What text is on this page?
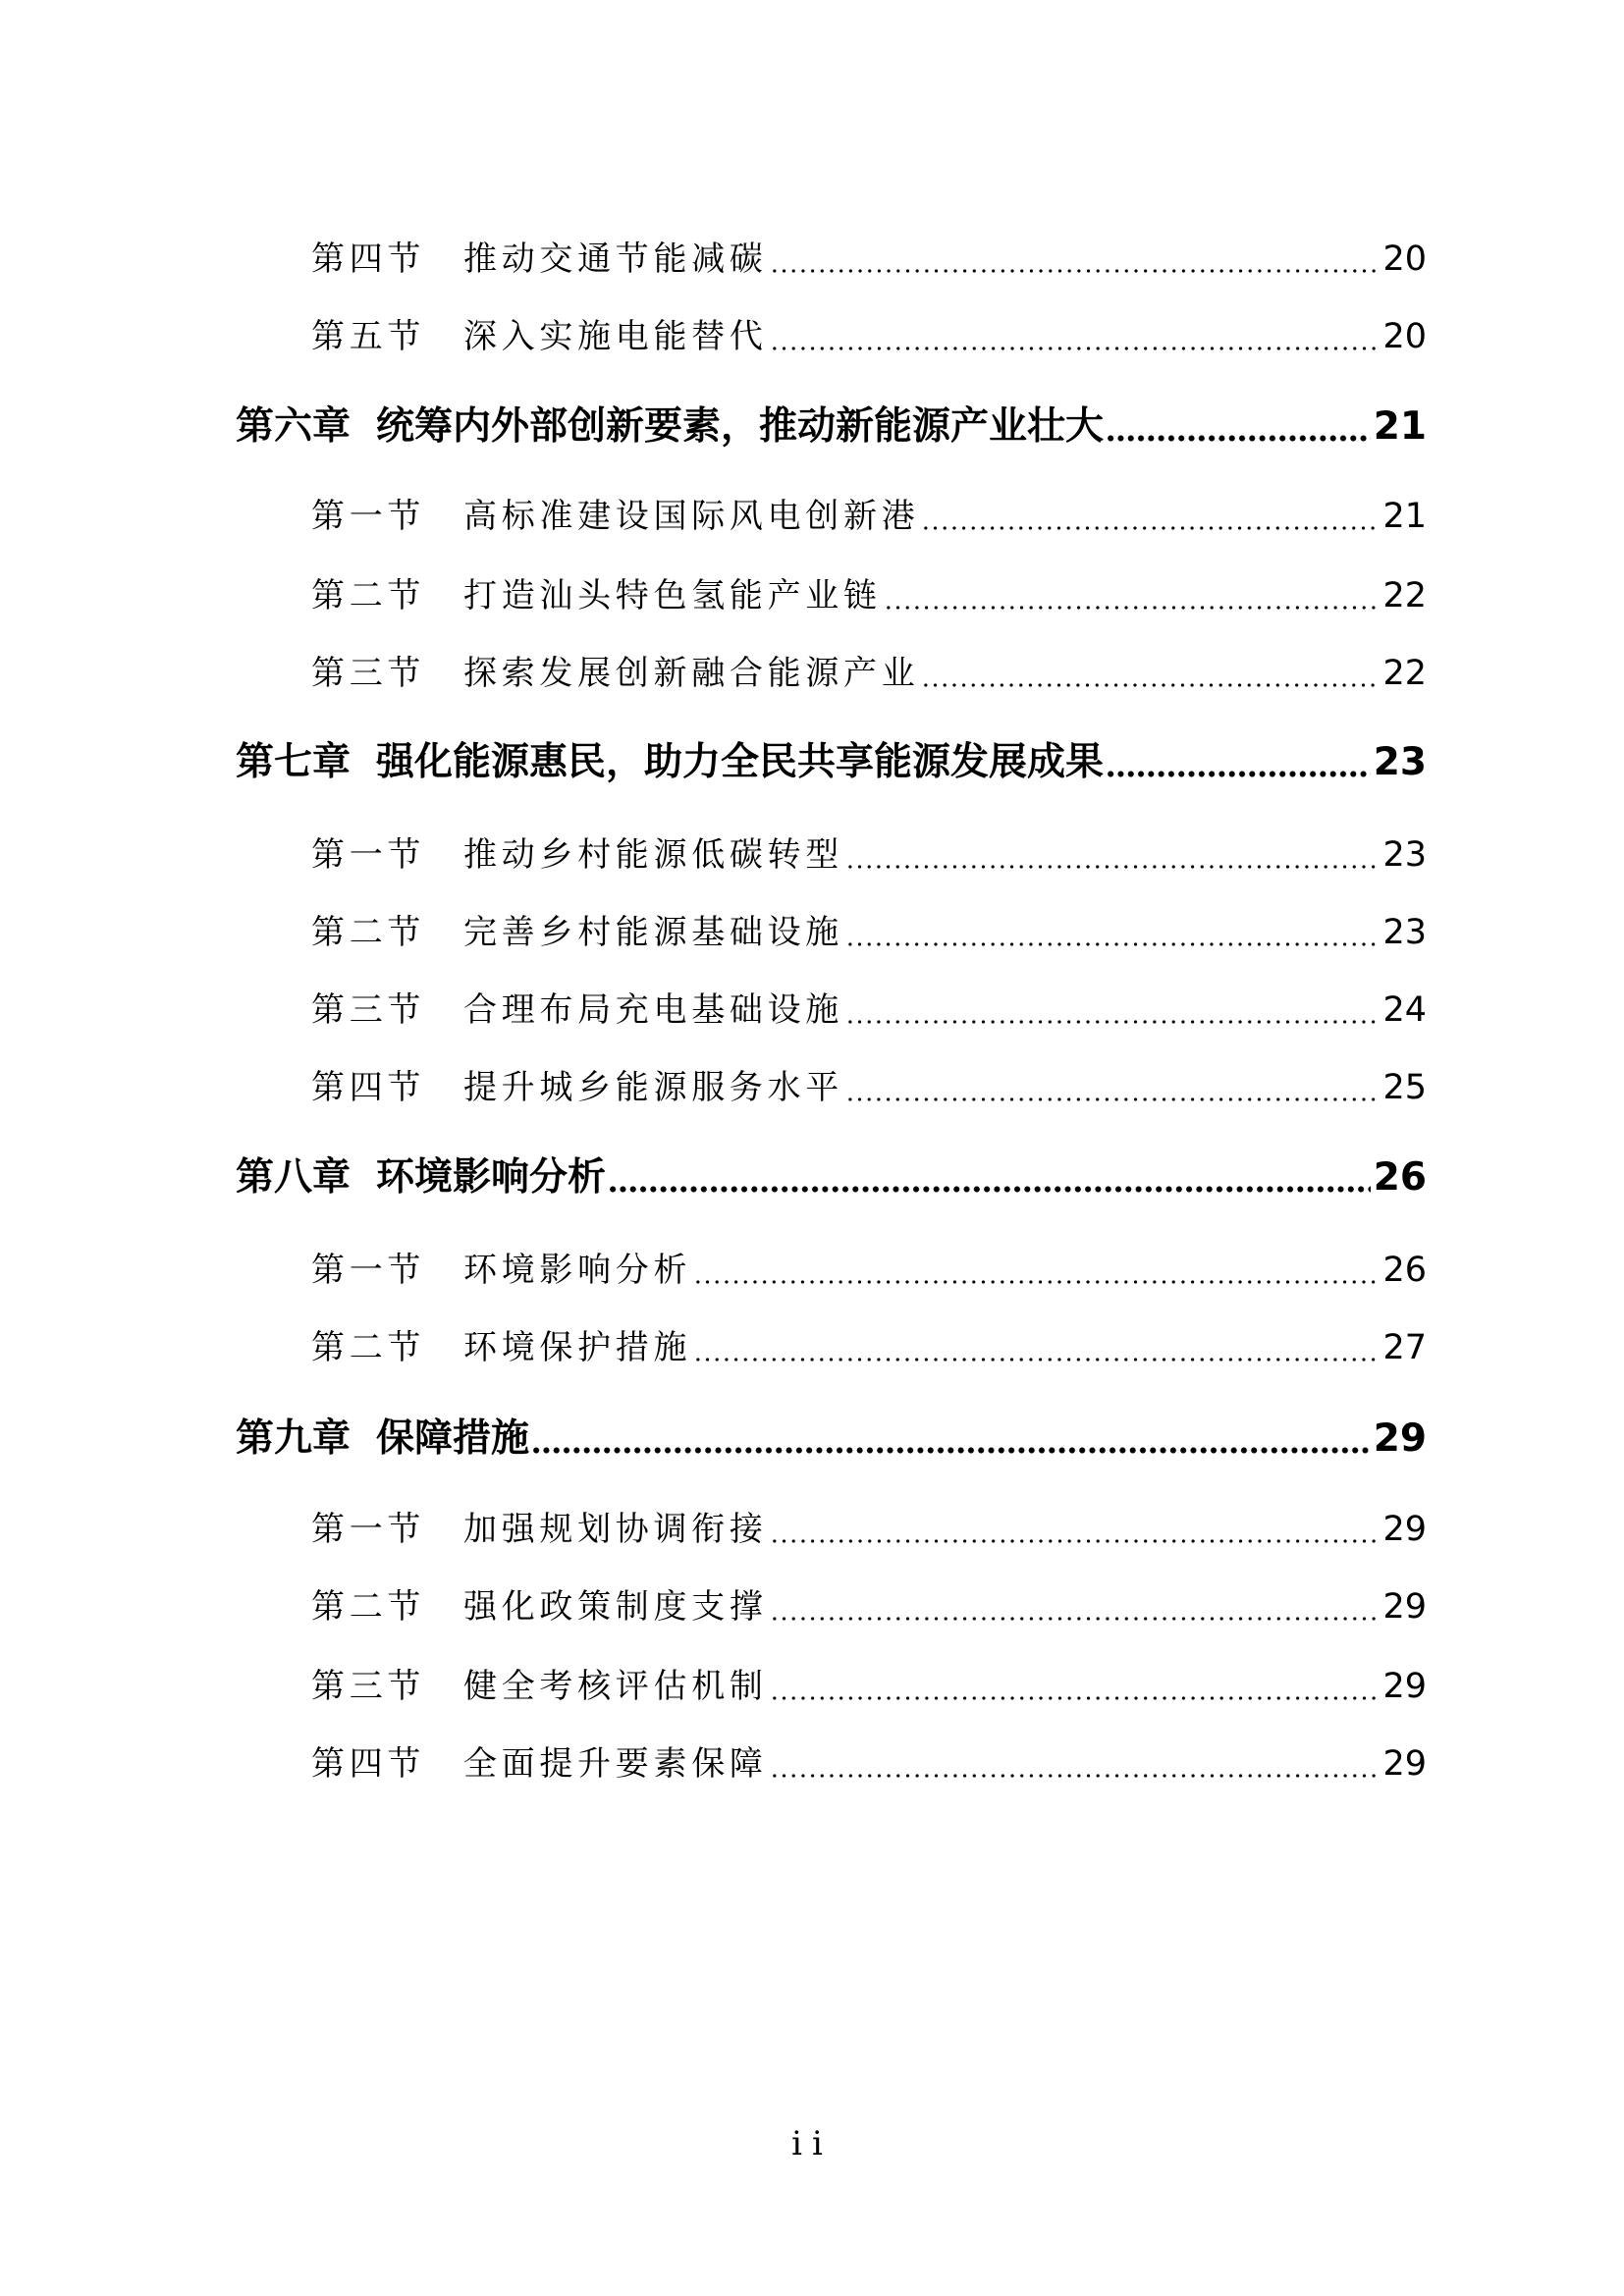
第四节	推动交通节能减碳	20
第五节	深入实施电能替代	20
第六章 统筹内外部创新要素，推动新能源产业壮大	21
第一节	高标准建设国际风电创新港	21
第二节	打造汕头特色氢能产业链	22
第三节	探索发展创新融合能源产业	22
第七章 强化能源惠民，助力全民共享能源发展成果	23
第一节	推动乡村能源低碳转型	23
第二节	完善乡村能源基础设施	23
第三节	合理布局充电基础设施	24
第四节	提升城乡能源服务水平	25
第八章 环境影响分析	26
第一节	环境影响分析	26
第二节	环境保护措施	27
第九章 保障措施	29
第一节	加强规划协调衔接	29
第二节	强化政策制度支撑	29
第三节	健全考核评估机制	29
第四节	全面提升要素保障	29
ii
